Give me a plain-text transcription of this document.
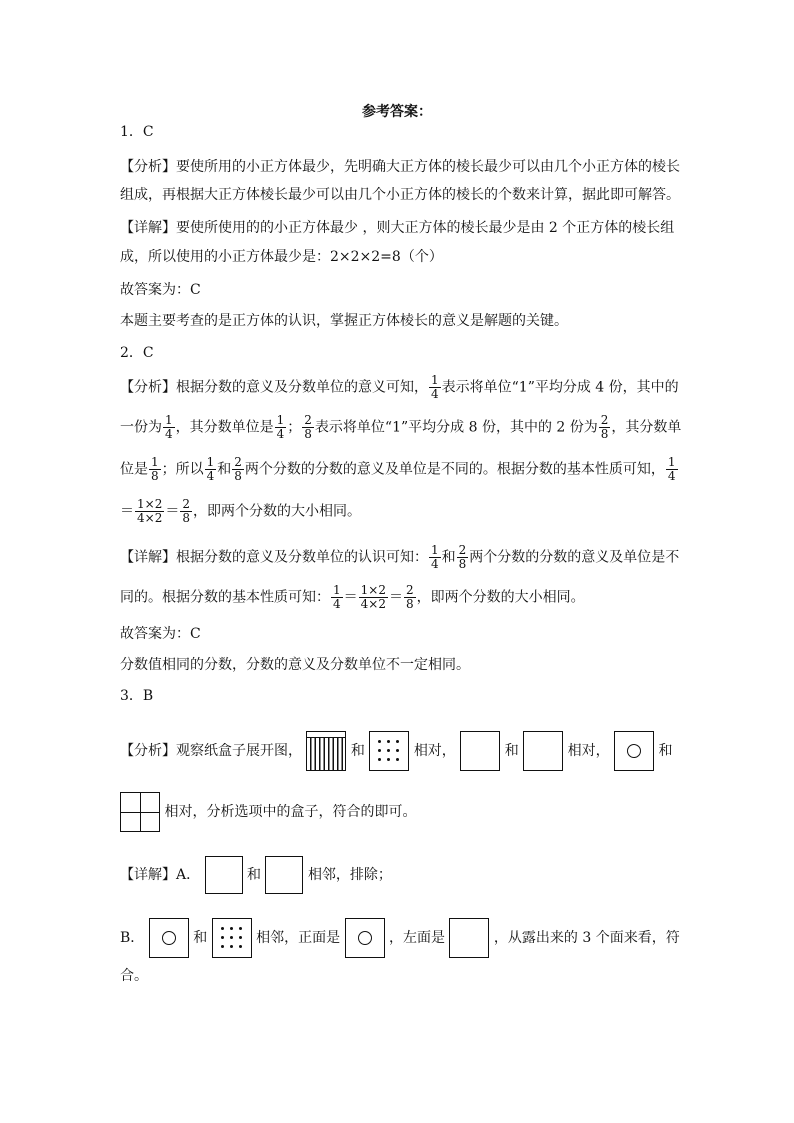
参考答案：
1．C
【分析】要使所用的小正方体最少，先明确大正方体的棱长最少可以由几个小正方体的棱长
组成，再根据大正方体棱长最少可以由几个小正方体的棱长的个数来计算，据此即可解答。
【详解】要使所使用的的小正方体最少 ，则大正方体的棱长最少是由 2 个正方体的棱长组
成，所以使用的小正方体最少是：2×2×2=8（个）
故答案为：C
本题主要考查的是正方体的认识，掌握正方体棱长的意义是解题的关键。
2．C
【分析】根据分数的意义及分数单位的意义可知， $\frac{1}{4}$ 表示将单位“1”平均分成 4 份，其中的
一份为 $\frac{1}{4}$ ，其分数单位是 $\frac{1}{4}$ ； $\frac{2}{8}$ 表示将单位“1”平均分成 8 份，其中的 2 份为 $\frac{2}{8}$ ，其分数单
位是 $\frac{1}{8}$ ；所以 $\frac{1}{4}$ 和 $\frac{2}{8}$ 两个分数的分数的意义及单位是不同的。根据分数的基本性质可知， $\frac{1}{4}$
＝ $\frac{1\times 2}{4\times 2} = \frac{2}{8}$ ，即两个分数的大小相同。
【详解】根据分数的意义及分数单位的认识可知： $\frac{1}{4}$ 和 $\frac{2}{8}$ 两个分数的分数的意义及单位是不
同的。根据分数的基本性质可知： $\frac{1}{4} = \frac{1\times 2}{4\times 2} = \frac{2}{8}$ ，即两个分数的大小相同。
故答案为：C
分数值相同的分数，分数的意义及分数单位不一定相同。
3．B
【分析】观察纸盒子展开图，	和	相对，	和	相对，	和
相对，分析选项中的盒子，符合的即可。
【详解】A．	和	相邻，排除；
B．	和	相邻，正面是	，左面是	，从露出来的 3 个面来看，符
合。
